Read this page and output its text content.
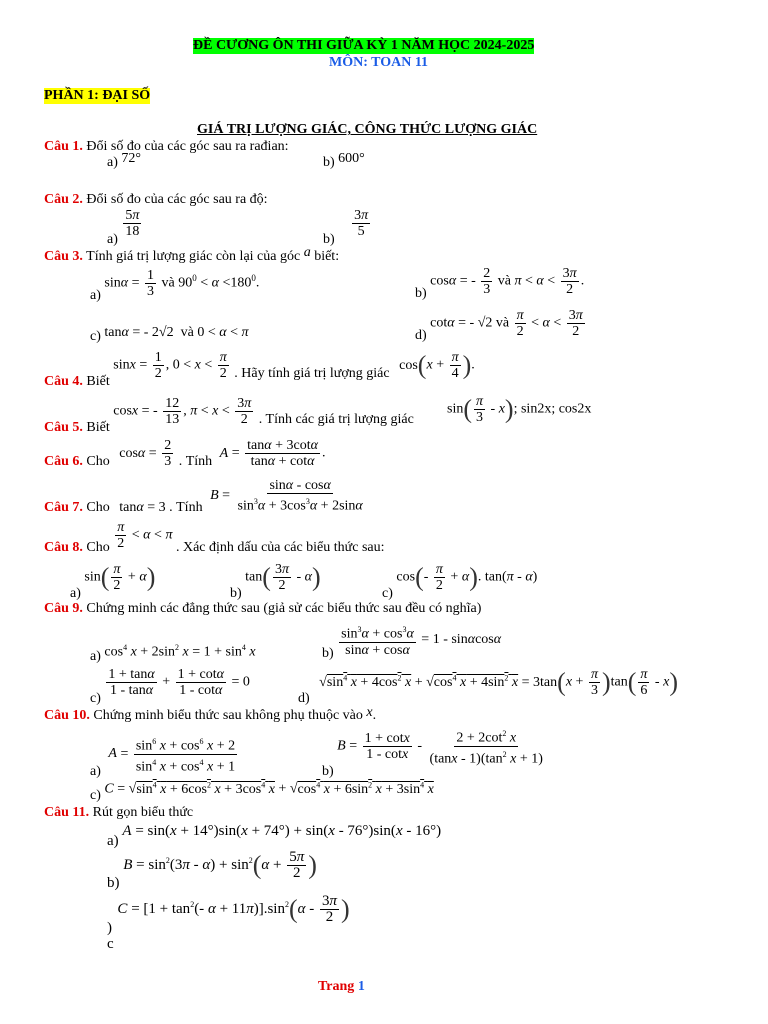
ĐỀ CƯƠNG ÔN THI GIỮA KỲ 1 NĂM HỌC 2024-2025
MÔN: TOAN 11
PHẦN 1: ĐẠI SỐ
GIÁ TRỊ LƯỢNG GIÁC, CÔNG THỨC LƯỢNG GIÁC
Câu 1. Đổi số đo của các góc sau ra rađian:
a) 72°	b) 600°
Câu 2. Đổi số đo của các góc sau ra độ:
a)
$\frac{5\pi}{18}$
b)
$\frac{3\pi}{5}$
Câu 3. Tính giá trị lượng giác còn lại của góc a biết:
a) $\sin\alpha = \frac{1}{3}$ và $90^0 < \alpha <180^0$.
b) cosα = - $\frac{2}{3}$ và $\pi < \alpha < \frac{3\pi}{2}$ .
c) tanα = - 2√2  và 0 < α < π	d) cotα = - √2 và $\frac{\pi}{2} < \alpha < \frac{3\pi}{2}$
Câu 4. Biết $\sin x = \frac{1}{2}$ , $0 < x < \frac{\pi}{2}$ . Hãy tính giá trị lượng giác $\cos(x + \frac{\pi}{4}$ ).
Câu 5. Biết cosx = - $\frac{12}{13}$ , $\pi < x < \frac{3\pi}{2}$ . Tính các giá trị lượng giác
$\sin( \frac{\pi}{3} - x)$; sin2x; cos2x
Câu 6. Cho $\cos\alpha = \frac{2}{3}$ . Tính $A = \frac{\tan\alpha + 3\cot\alpha}{\tan\alpha + \cot\alpha}$ .
Câu 7. Cho tanα = 3 . Tính $B = \frac{\sin\alpha - \cos\alpha}{\sin^3\alpha + 3\cos^3\alpha + 2\sin\alpha}$
Câu 8. Cho $\frac{\pi}{2} < \alpha < \pi$ . Xác định dấu của các biểu thức sau:
a) $\sin( \frac{\pi}{2} + \alpha)$
b) $\tan( \frac{3\pi}{2} - \alpha)$
c) $\cos(- \frac{\pi}{2} + \alpha)$. tan(π - α)
Câu 9. Chứng minh các đẳng thức sau (giả sử các biểu thức sau đều có nghĩa)
a) $\cos^4 x + 2\sin^2$ $x = 1 + \sin^4 x$	$b) \frac{\sin^3\alpha + \cos^3\alpha}{\sin\alpha + \cos\alpha} = 1 - \sin\alpha\cos\alpha$
c)
$\frac{1 + \tan\alpha}{1 - \tan\alpha} + \frac{1 + \cot\alpha}{1 - \cot\alpha} = 0$
d) $√\sin^4$ $x + 4\cos^2$ $x + √\cos^4$ $x + 4\sin^2$ $x = 3\tan(x + \frac{\pi}{3} )\tan( \frac{\pi}{6} - x)$
Câu 10. Chứng minh biểu thức sau không phụ thuộc vào x.
a) $A = \frac{\sin^6 x + \cos^6 x + 2}{\sin^4 x + \cos^4 x + 1}$	b) $B = \frac{1 + \cot x}{1 - \cot x} - \frac{2 + 2\cot^2 x}{(\tan x - 1)(\tan^2 x + 1)}$
c) $C = √\sin^4$ $x + 6\cos^2$ $x + 3\cos^4$ $x + √\cos^4$ $x + 6\sin^2$ $x + 3\sin^4$ x
Câu 11. Rút gọn biểu thức
a) A = sin(x + 14°)sin(x + 74°) + sin(x - 76°)sin(x - 16°)
b) $B = \sin^2(3\pi - \alpha) + \sin^2(\alpha + \frac{5\pi}{2}$ )
)
c $C = [1 + \tan^2(-$ $\alpha + 11\pi)].\sin^2(\alpha - \frac{3\pi}{2}$ )
Trang 1
